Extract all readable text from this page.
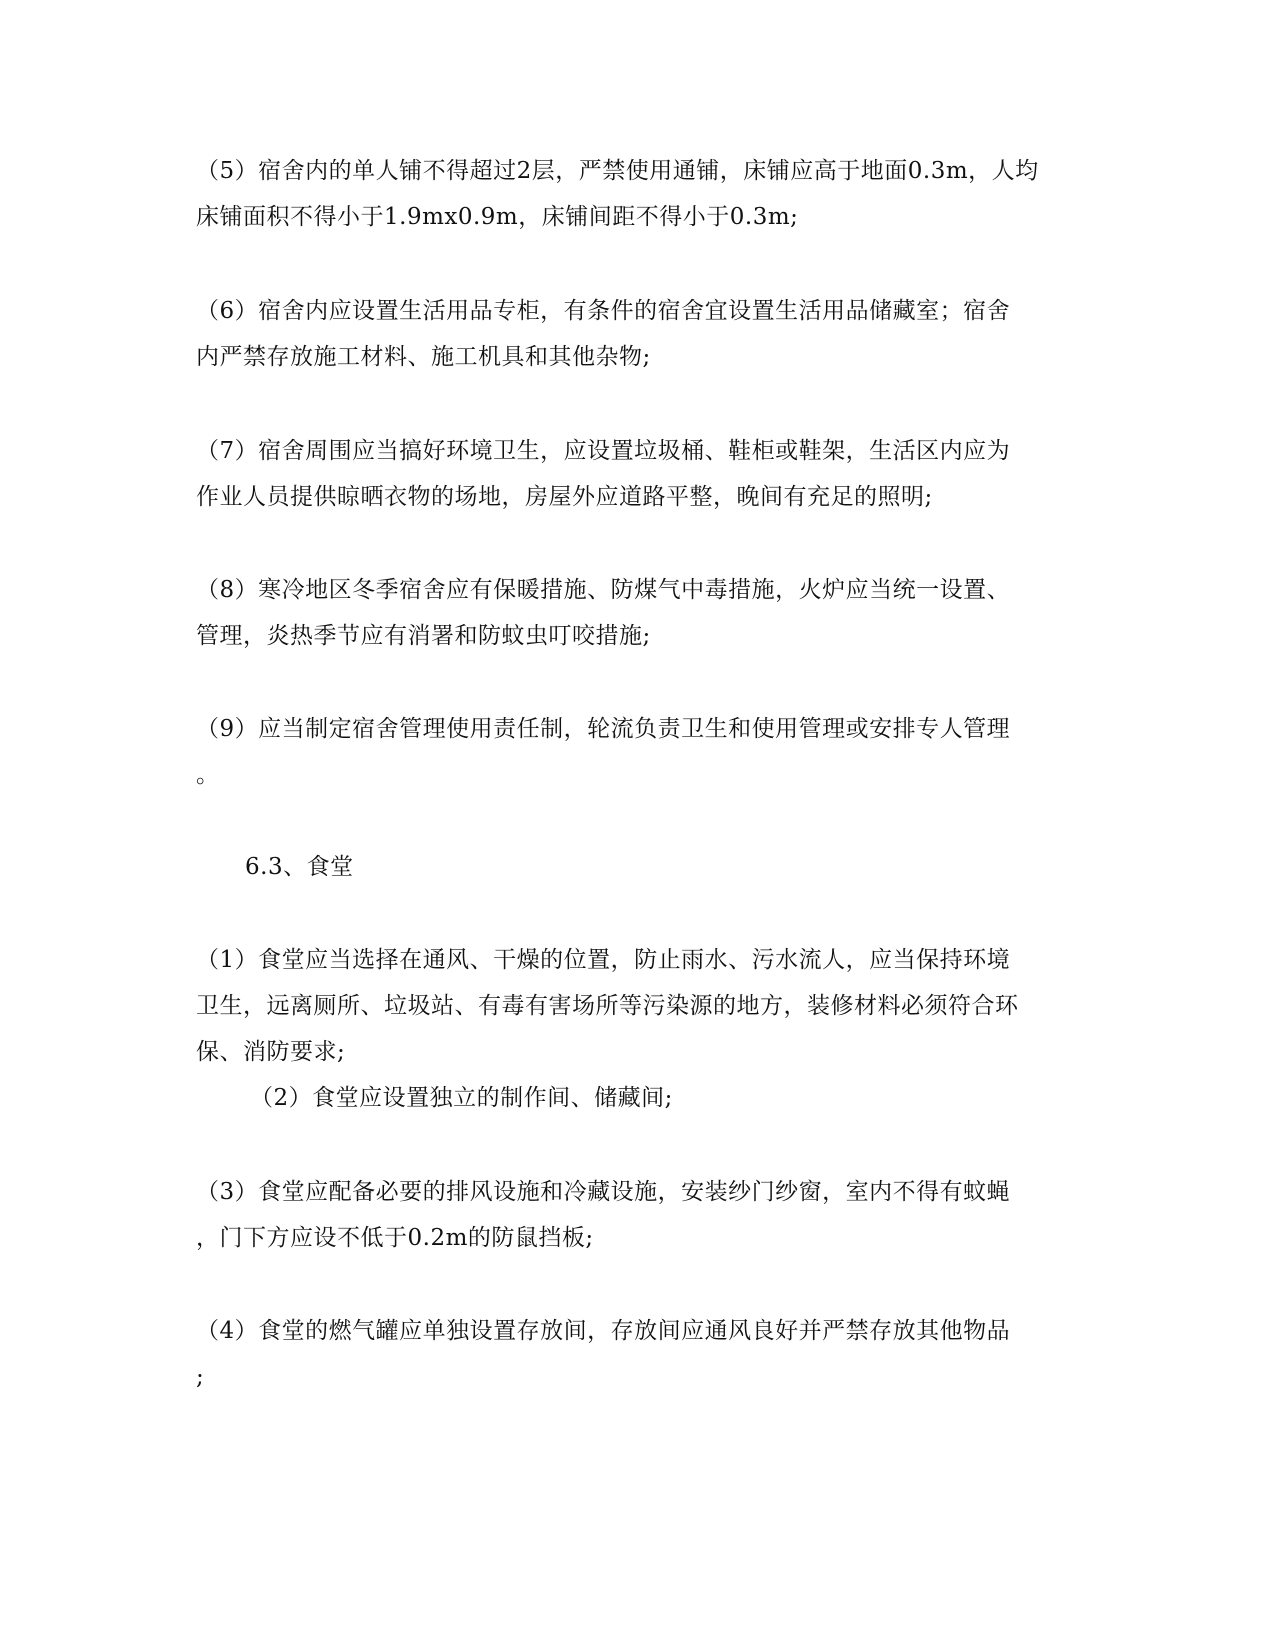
（5）宿舍内的单人铺不得超过2层，严禁使用通铺，床铺应高于地面0.3m，人均
床铺面积不得小于1.9mx0.9m，床铺间距不得小于0.3m;
（6）宿舍内应设置生活用品专柜，有条件的宿舍宜设置生活用品储藏室；宿舍
内严禁存放施工材料、施工机具和其他杂物;
（7）宿舍周围应当搞好环境卫生，应设置垃圾桶、鞋柜或鞋架，生活区内应为
作业人员提供晾晒衣物的场地，房屋外应道路平整，晚间有充足的照明;
（8）寒冷地区冬季宿舍应有保暖措施、防煤气中毒措施，火炉应当统一设置、
管理，炎热季节应有消署和防蚊虫叮咬措施;
（9）应当制定宿舍管理使用责任制，轮流负责卫生和使用管理或安排专人管理
。
6.3、食堂
（1）食堂应当选择在通风、干燥的位置，防止雨水、污水流人，应当保持环境
卫生，远离厕所、垃圾站、有毒有害场所等污染源的地方，装修材料必须符合环
保、消防要求;
（2）食堂应设置独立的制作间、储藏间;
（3）食堂应配备必要的排风设施和冷藏设施，安装纱门纱窗，室内不得有蚊蝇
，门下方应设不低于0.2m的防鼠挡板;
（4）食堂的燃气罐应单独设置存放间，存放间应通风良好并严禁存放其他物品
;
